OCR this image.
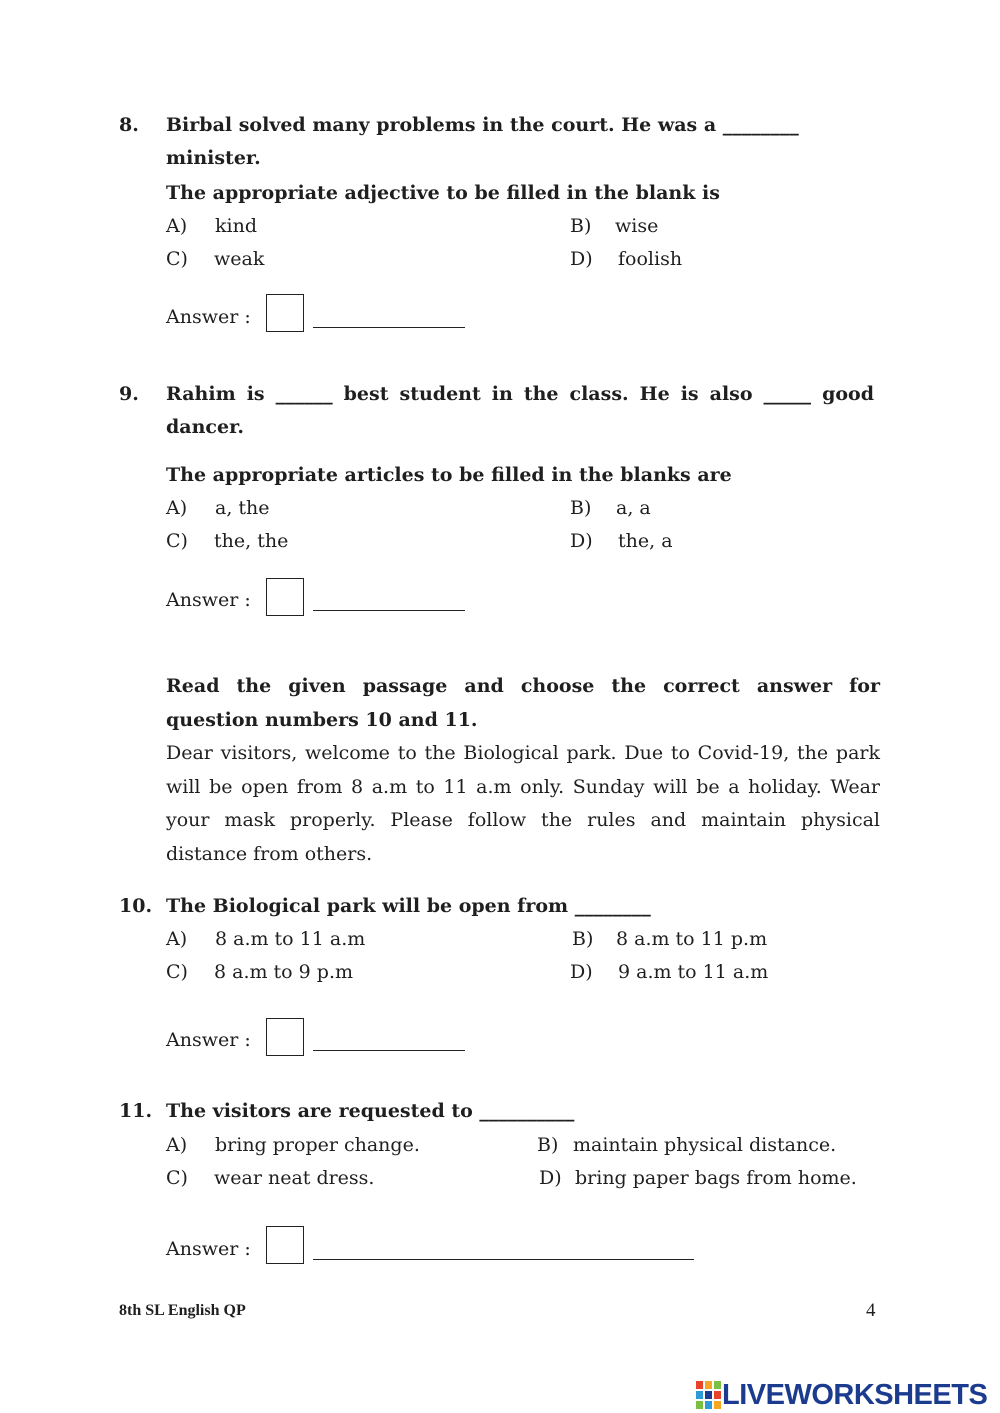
8. Birbal solved many problems in the court. He was a ________
minister.
The appropriate adjective to be filled in the blank is
A) kind	B) wise
C) weak	D) foolish
Answer :
9. Rahim is ______ best student in the class. He is also _____ good
dancer.
The appropriate articles to be filled in the blanks are
A) a, the	B) a, a
C) the, the	D) the, a
Answer :
Read the given passage and choose the correct answer for question numbers 10 and 11.
Dear visitors, welcome to the Biological park. Due to Covid-19, the park will be open from 8 a.m to 11 a.m only. Sunday will be a holiday. Wear your mask properly. Please follow the rules and maintain physical distance from others.
10. The Biological park will be open from ________
A) 8 a.m to 11 a.m	B) 8 a.m to 11 p.m
C) 8 a.m to 9 p.m	D) 9 a.m to 11 a.m
Answer :
11. The visitors are requested to __________
A) bring proper change.	B) maintain physical distance.
C) wear neat dress.	D) bring paper bags from home.
Answer :
8th SL English QP	4
LIVEWORKSHEETS
